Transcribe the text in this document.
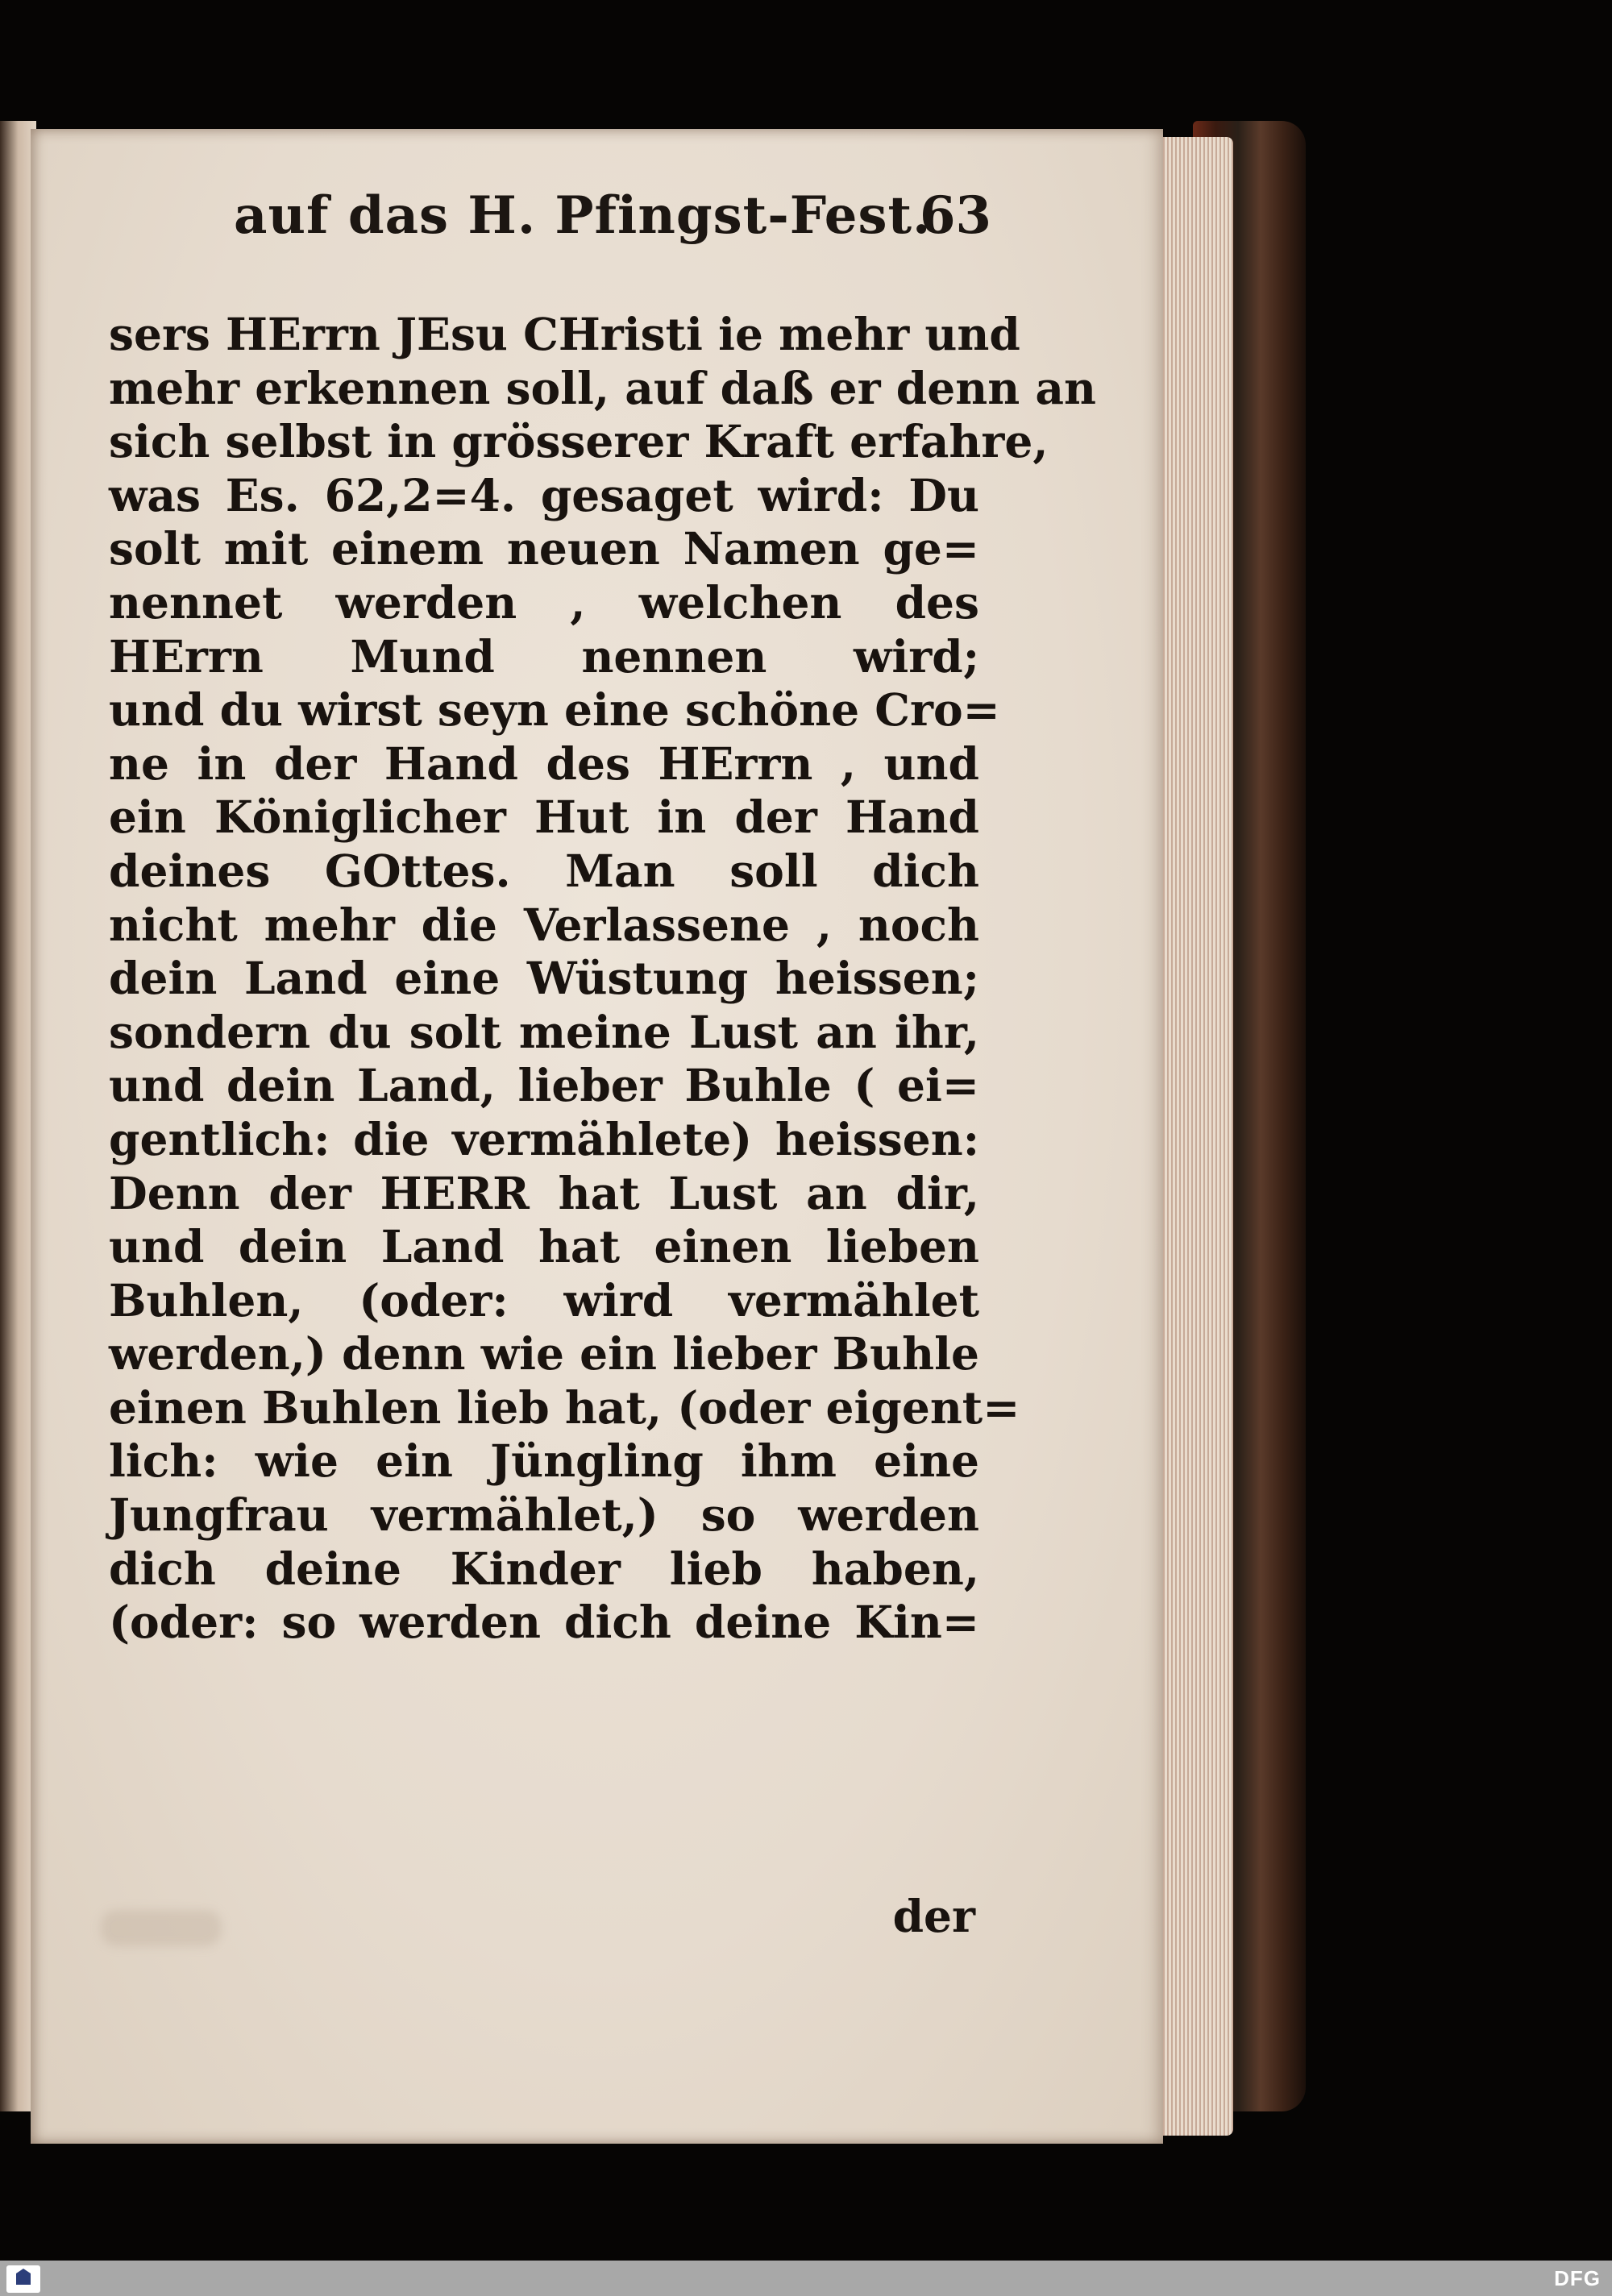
auf das H. Pfingst-Fest.
63
sers HErrn JEsu CHristi ie mehr und
mehr erkennen soll, auf daß er denn an
sich selbst in grösserer Kraft erfahre,
was Es. 62,2=4. gesaget wird: Du
solt mit einem neuen Namen ge=
nennet werden , welchen des
HErrn Mund nennen wird;
und du wirst seyn eine schöne Cro=
ne in der Hand des HErrn , und
ein Königlicher Hut in der Hand
deines GOttes. Man soll dich
nicht mehr die Verlassene , noch
dein Land eine Wüstung heissen;
sondern du solt meine Lust an ihr,
und dein Land, lieber Buhle ( ei=
gentlich: die vermählete) heissen:
Denn der HERR hat Lust an dir,
und dein Land hat einen lieben
Buhlen, (oder: wird vermählet
werden,) denn wie ein lieber Buhle
einen Buhlen lieb hat, (oder eigent=
lich: wie ein Jüngling ihm eine
Jungfrau vermählet,) so werden
dich deine Kinder lieb haben,
(oder: so werden dich deine Kin=
der
DFG
